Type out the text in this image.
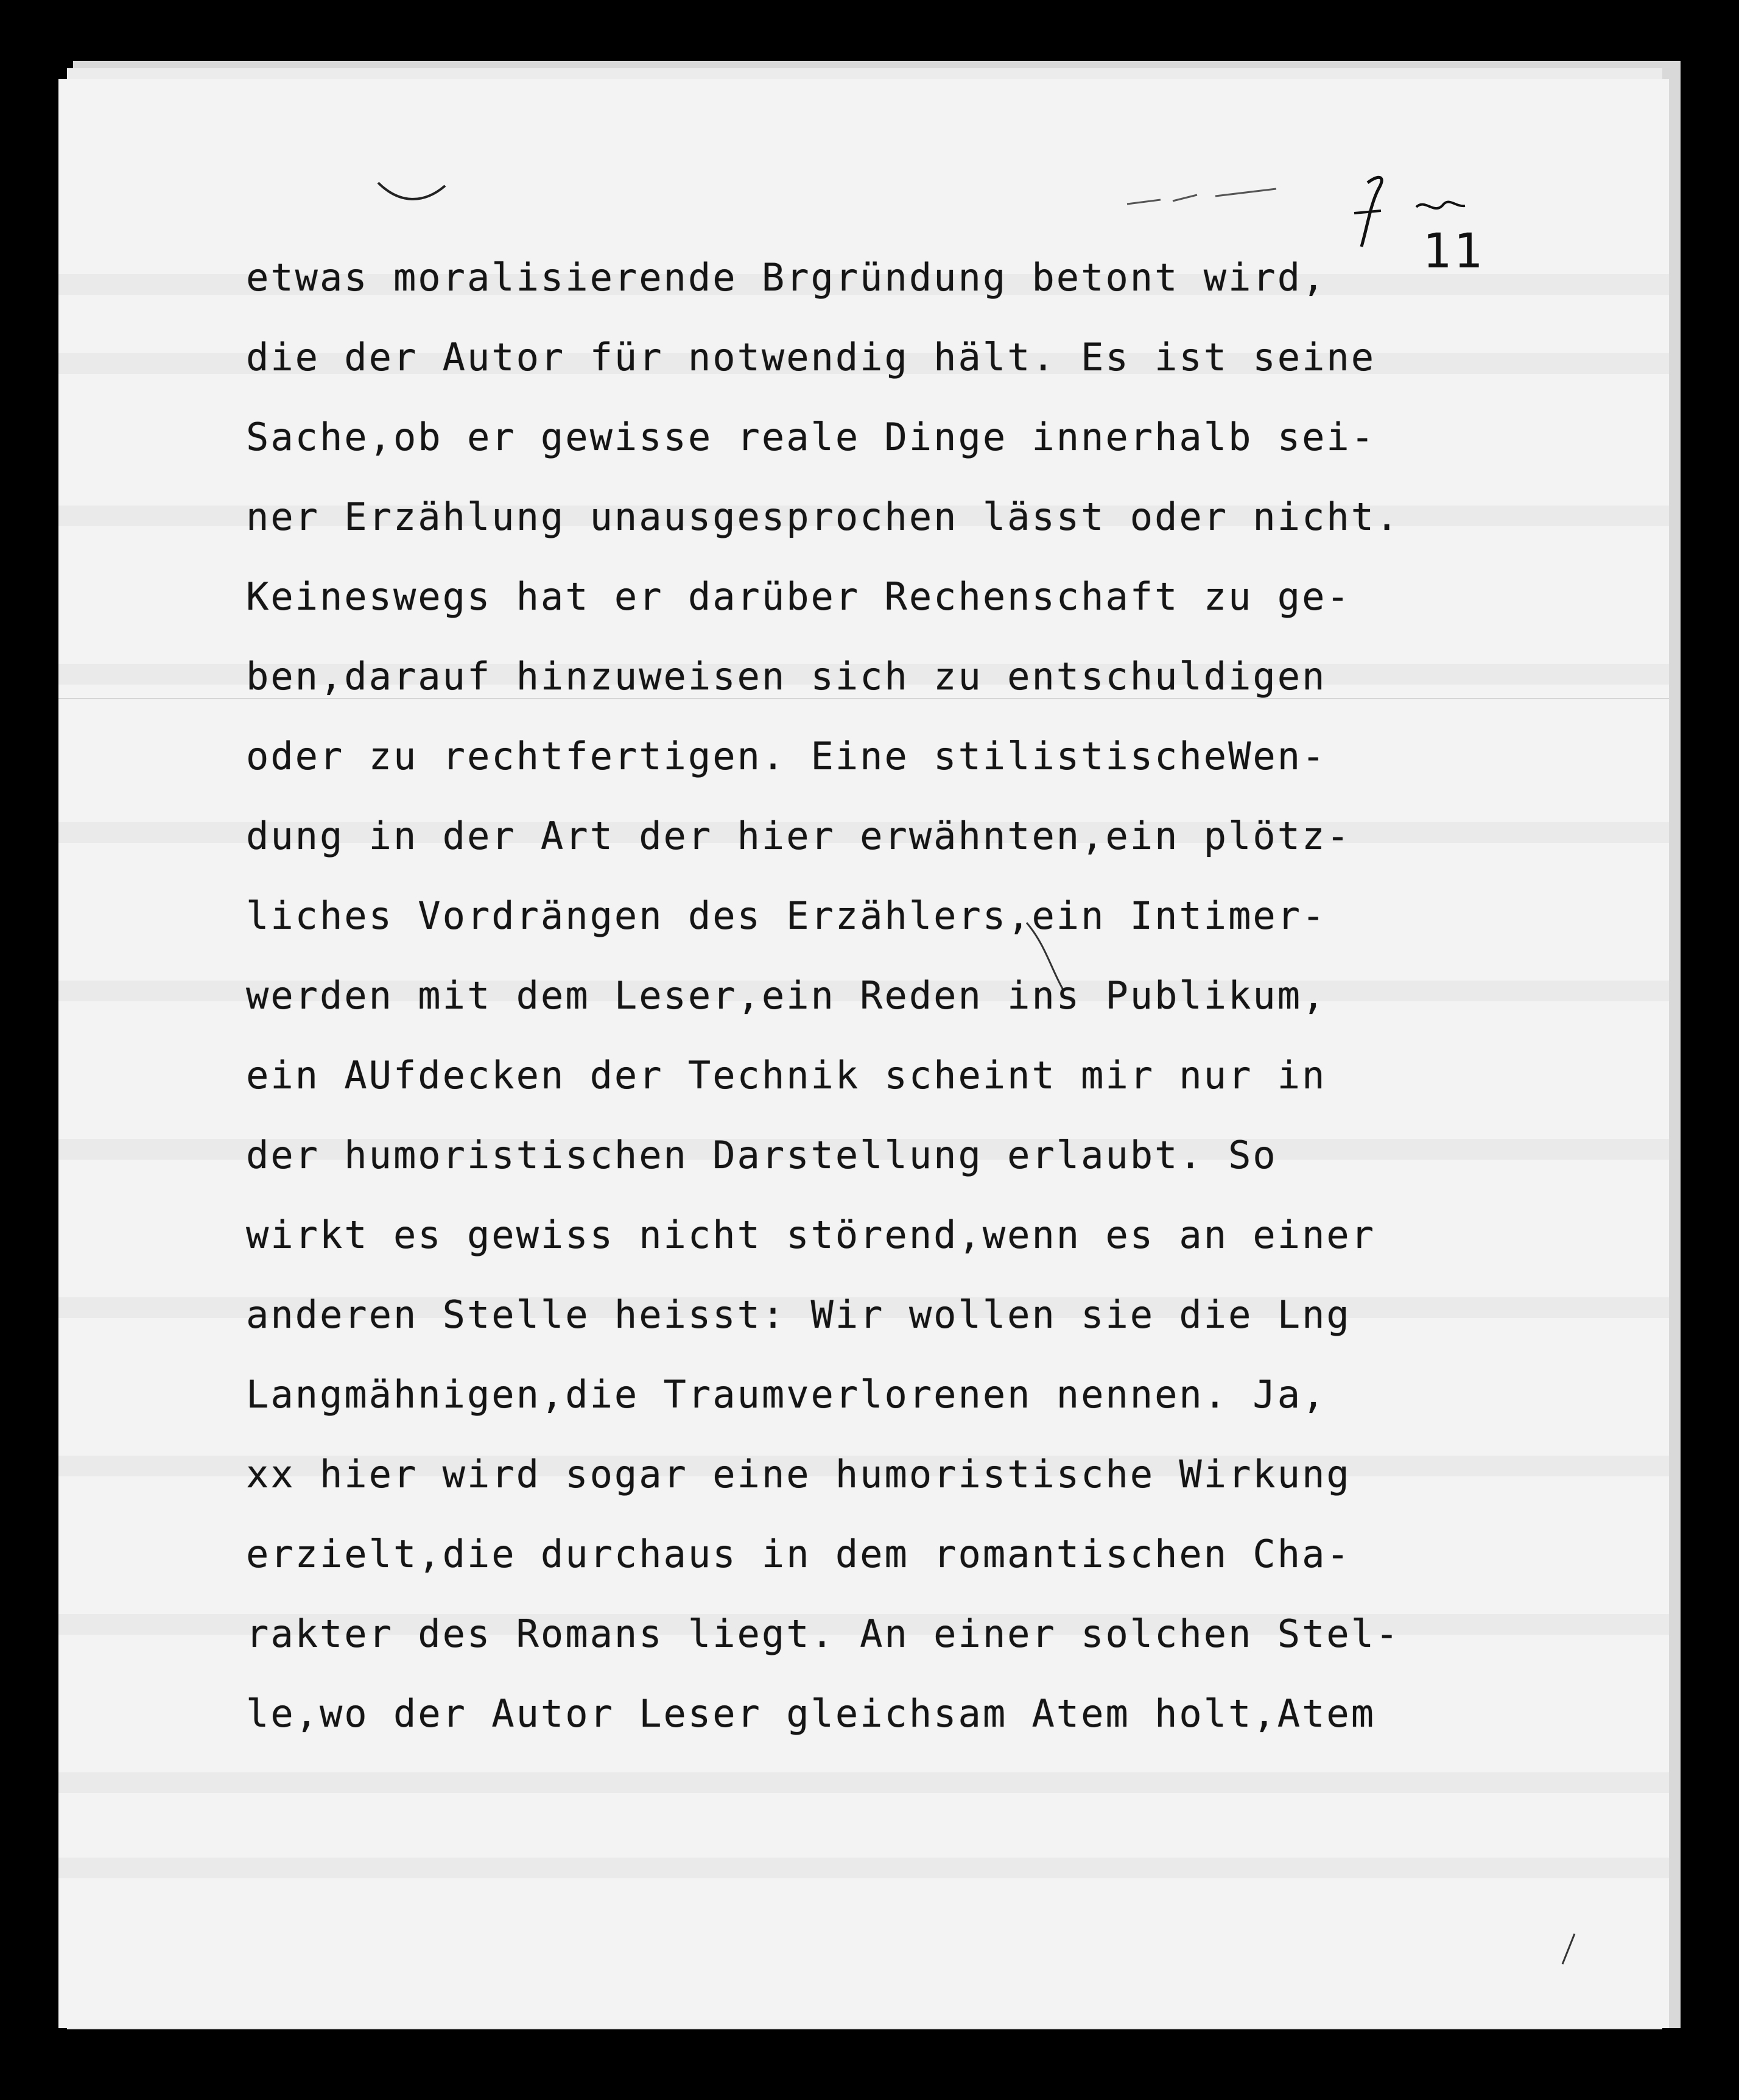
11
etwas moralisierende Brgründung betont wird,
die der Autor für notwendig hält. Es ist seine
Sache,ob er gewisse reale Dinge innerhalb sei-
ner Erzählung unausgesprochen lässt oder nicht.
Keineswegs hat er darüber Rechenschaft zu ge-
ben,darauf hinzuweisen sich zu entschuldigen
oder zu rechtfertigen. Eine stilistischeWen-
dung in der Art der hier erwähnten,ein plötz-
liches Vordrängen des Erzählers,ein Intimer-
werden mit dem Leser,ein Reden ins Publikum,
ein AUfdecken der Technik scheint mir nur in
der humoristischen Darstellung erlaubt. So
wirkt es gewiss nicht störend,wenn es an einer
anderen Stelle heisst: Wir wollen sie die Lng
Langmähnigen,die Traumverlorenen nennen. Ja,
xx hier wird sogar eine humoristische Wirkung
erzielt,die durchaus in dem romantischen Cha-
rakter des Romans liegt. An einer solchen Stel-
le,wo der Autor Leser gleichsam Atem holt,Atem
